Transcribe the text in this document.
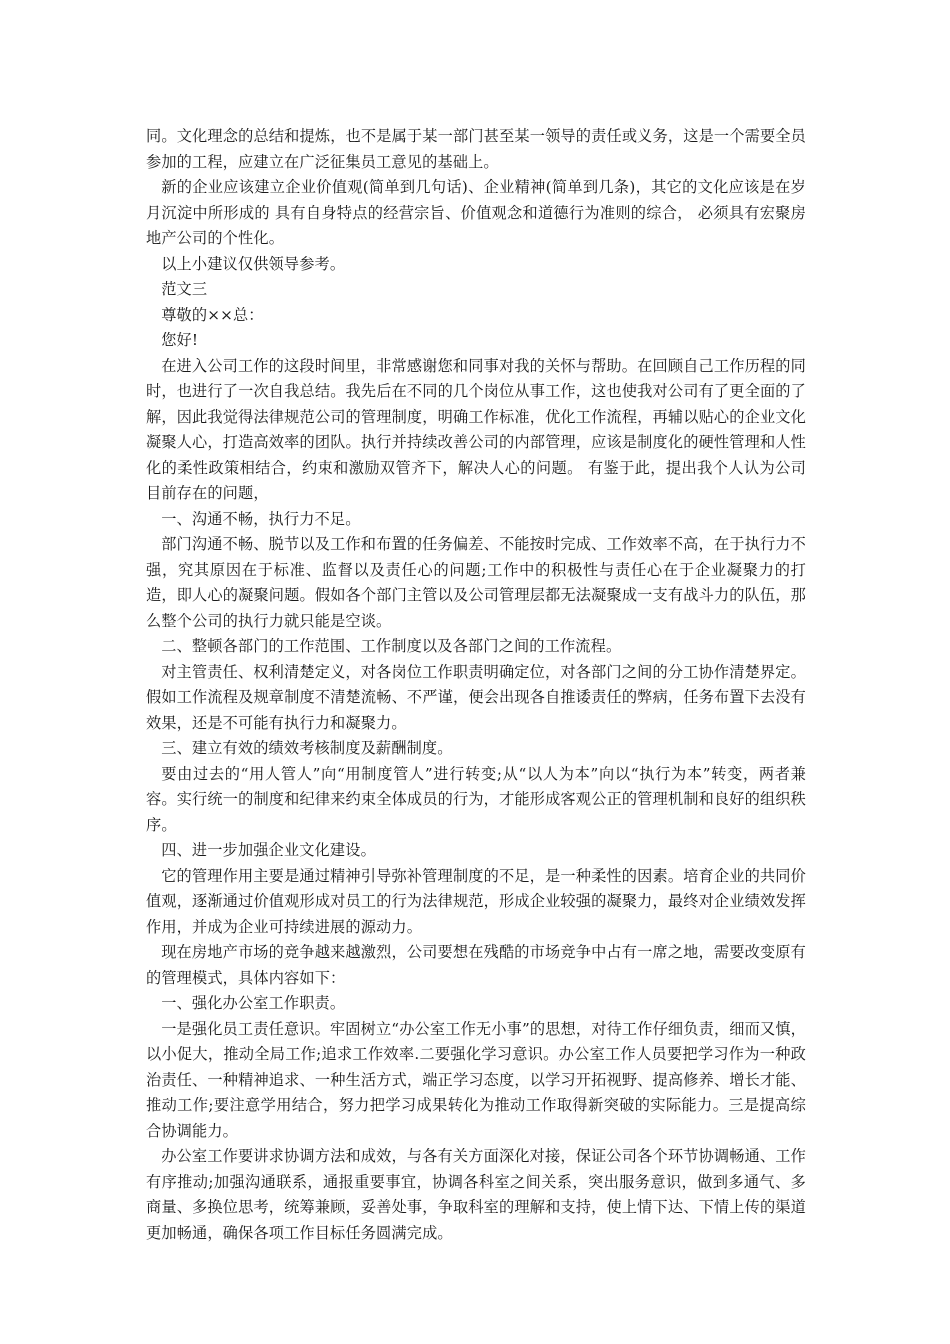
同。文化理念的总结和提炼，也不是属于某一部门甚至某一领导的责任或义务，这是一个需要全员参加的工程，应建立在广泛征集员工意见的基础上。

新的企业应该建立企业价值观(简单到几句话)、企业精神(简单到几条)，其它的文化应该是在岁月沉淀中所形成的 具有自身特点的经营宗旨、价值观念和道德行为准则的综合， 必须具有宏聚房地产公司的个性化。

以上小建议仅供领导参考。

范文三

尊敬的××总：

您好!

在进入公司工作的这段时间里，非常感谢您和同事对我的关怀与帮助。在回顾自己工作历程的同时，也进行了一次自我总结。我先后在不同的几个岗位从事工作，这也使我对公司有了更全面的了解，因此我觉得法律规范公司的管理制度，明确工作标准，优化工作流程，再辅以贴心的企业文化凝聚人心，打造高效率的团队。执行并持续改善公司的内部管理，应该是制度化的硬性管理和人性化的柔性政策相结合，约束和激励双管齐下，解决人心的问题。 有鉴于此，提出我个人认为公司目前存在的问题，

一、沟通不畅，执行力不足。

部门沟通不畅、脱节以及工作和布置的任务偏差、不能按时完成、工作效率不高，在于执行力不强，究其原因在于标准、监督以及责任心的问题;工作中的积极性与责任心在于企业凝聚力的打造，即人心的凝聚问题。假如各个部门主管以及公司管理层都无法凝聚成一支有战斗力的队伍，那么整个公司的执行力就只能是空谈。

二、整顿各部门的工作范围、工作制度以及各部门之间的工作流程。

对主管责任、权利清楚定义，对各岗位工作职责明确定位，对各部门之间的分工协作清楚界定。假如工作流程及规章制度不清楚流畅、不严谨，便会出现各自推诿责任的弊病，任务布置下去没有效果，还是不可能有执行力和凝聚力。

三、建立有效的绩效考核制度及薪酬制度。

要由过去的“用人管人”向“用制度管人”进行转变;从“以人为本”向以“执行为本”转变，两者兼容。实行统一的制度和纪律来约束全体成员的行为，才能形成客观公正的管理机制和良好的组织秩序。

四、进一步加强企业文化建设。

它的管理作用主要是通过精神引导弥补管理制度的不足，是一种柔性的因素。培育企业的共同价值观，逐渐通过价值观形成对员工的行为法律规范，形成企业较强的凝聚力，最终对企业绩效发挥作用，并成为企业可持续进展的源动力。

现在房地产市场的竞争越来越激烈，公司要想在残酷的市场竞争中占有一席之地，需要改变原有的管理模式，具体内容如下：

一、强化办公室工作职责。

一是强化员工责任意识。牢固树立“办公室工作无小事”的思想，对待工作仔细负责，细而又慎，以小促大，推动全局工作;追求工作效率.二要强化学习意识。办公室工作人员要把学习作为一种政治责任、一种精神追求、一种生活方式，端正学习态度，以学习开拓视野、提高修养、增长才能、推动工作;要注意学用结合，努力把学习成果转化为推动工作取得新突破的实际能力。三是提高综合协调能力。

办公室工作要讲求协调方法和成效，与各有关方面深化对接，保证公司各个环节协调畅通、工作有序推动;加强沟通联系，通报重要事宜，协调各科室之间关系，突出服务意识，做到多通气、多商量、多换位思考，统筹兼顾，妥善处事，争取科室的理解和支持，使上情下达、下情上传的渠道更加畅通，确保各项工作目标任务圆满完成。
